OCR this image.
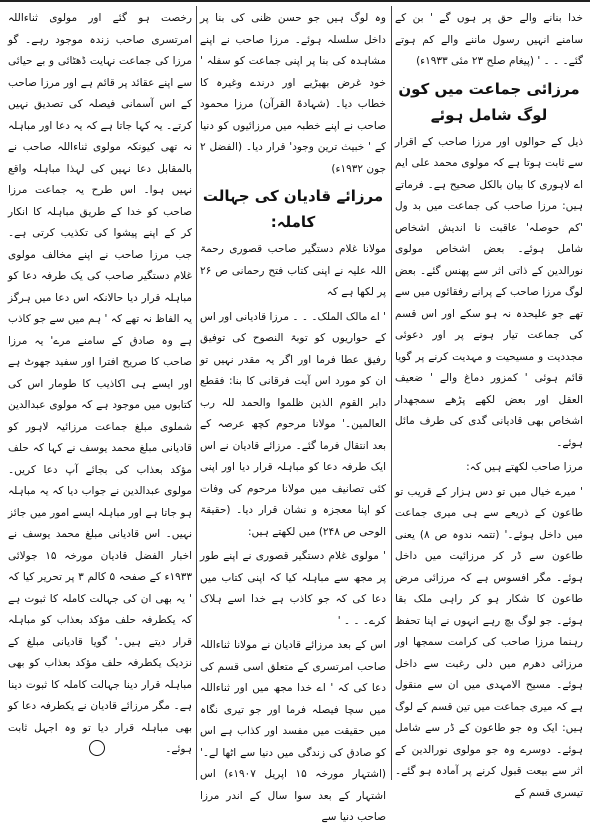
خدا بنانے والے حق پر ہوں گے ' بن کے سامنے انہیں رسول ماننے والے کم ہوتے گئے۔ ۔ ۔ ' (پیغام صلح ۲۳ مئی ۱۹۳۳ء)

مرزائی جماعت میں کون لوگ شامل ہوئے

ذیل کے حوالوں اور مرزا صاحب کے اقرار سے ثابت ہوتا ہے کہ مولوی محمد علی ایم اے لاہوری کا بیان بالکل صحیح ہے۔ فرماتے ہیں: مرزا صاحب کی جماعت میں بد ول 'کم حوصلہ' عاقبت نا اندیش اشخاص شامل ہوئے۔ بعض اشخاص مولوی نورالدین کے ذاتی اثر سے پھنس گئے۔ بعض لوگ مرزا صاحب کے پرانے رفقائوں میں سے تھے جو علیحدہ نہ ہو سکے اور اس قسم کی جماعت تیار ہونے پر اور دعوئی مجددیت و مسیحیت و مہدیت کرنے پر گویا قائم ہوئی ' کمزور دماغ والے ' ضعیف العقل اور بعض لکھے پڑھے سمجھدار اشخاص بھی قادیانی گدی کی طرف مائل ہوئے۔

مرزا صاحب لکھتے ہیں کہ:

' میرے خیال میں تو دس ہزار کے قریب تو طاعون کے ذریعے سے ہی میری جماعت میں داخل ہوئے۔' (تتمہ ندوہ ص ۸) یعنی طاعون سے ڈر کر مرزائیت میں داخل ہوئے۔ مگر افسوس ہے کہ مرزائی مرض طاعون کا شکار ہو کر راہی ملک بقا ہوئے۔ جو لوگ بچ رہے انہوں نے اپنا تحفظ رہنما مرزا صاحب کی کرامت سمجھا اور مرزائی دھرم میں دلی رغبت سے داخل ہوئے۔ مسیح الامہدی میں ان سے منقول ہے کہ میری جماعت میں تین قسم کے لوگ ہیں: ایک وہ جو طاعون کے ڈر سے شامل ہوئے۔ دوسرے وہ جو مولوی نورالدین کے اثر سے بیعت قبول کرنے پر آمادہ ہو گئے۔ تیسری قسم کے

وہ لوگ ہیں جو حسن ظنی کی بنا پر داخل سلسلہ ہوئے۔ مرزا صاحب نے اپنے مشاہدہ کی بنا پر اپنی جماعت کو سفلہ ' خود غرض بھیڑیے اور درندے وغیرہ کا خطاب دیا۔ (شہادۃ القرآن) مرزا محمود صاحب نے اپنے خطبہ میں مرزائیوں کو دنیا کے ' خبیث ترین وجود' قرار دیا۔ (الفضل ۲ جون ۱۹۳۲ء)

مرزائے قادیان کی جہالت کاملہ:

مولانا غلام دستگیر صاحب قصوری رحمۃ اللہ علیہ نے اپنی کتاب فتح رحمانی ص ۲۶ پر لکھا ہے کہ

' اے مالک الملک۔ ۔ ۔ مرزا قادیانی اور اس کے حواریوں کو توبۃ النصوح کی توفیق رفیق عطا فرما اور اگر یہ مقدر نہیں تو ان کو مورد اس آیت فرقانی کا بنا: فقطع دابر القوم الذین ظلموا والحمد للہ رب العالمین۔' مولانا مرحوم کچھ عرصہ کے بعد انتقال فرما گئے۔ مرزائے قادیان نے اس ایک طرفہ دعا کو مباہلہ قرار دیا اور اپنی کئی تصانیف میں مولانا مرحوم کی وفات کو اپنا معجزہ و نشان قرار دیا۔ (حقیقۃ الوحی ص ۲۴۸) میں لکھتے ہیں:

' مولوی غلام دستگیر قصوری نے اپنے طور پر مجھ سے مباہلہ کیا کہ اپنی کتاب میں دعا کی کہ جو کاذب ہے خدا اسے ہلاک کرے۔ ۔ ۔ '

اس کے بعد مرزائے قادیان نے مولانا ثناءاللہ صاحب امرتسری کے متعلق اسی قسم کی دعا کی کہ ' اے خدا مجھ میں اور ثناءاللہ میں سچا فیصلہ فرما اور جو تیری نگاہ میں حقیقت میں مفسد اور کذاب ہے اس کو صادق کی زندگی میں دنیا سے اٹھا لے۔' (اشتہار مورخہ ۱۵ اپریل ۱۹۰۷ء) اس اشتہار کے بعد سوا سال کے اندر مرزا صاحب دنیا سے

رخصت ہو گئے اور مولوی ثناءاللہ امرتسری صاحب زندہ موجود رہے۔ گو مرزا کی جماعت نہایت ڈھٹائی و بے حیائی سے اپنے عقائد پر قائم ہے اور مرزا صاحب کے اس آسمانی فیصلہ کی تصدیق نہیں کرتے۔ یہ کہا جاتا ہے کہ یہ دعا اور مباہلہ نہ تھی کیونکہ مولوی ثناءاللہ صاحب نے بالمقابل دعا نہیں کی لہذا مباہلہ واقع نہیں ہوا۔ اس طرح یہ جماعت مرزا صاحب کو خدا کے طریق مباہلہ کا انکار کر کے اپنے پیشوا کی تکذیب کرتی ہے۔ جب مرزا صاحب نے اپنے مخالف مولوی غلام دستگیر صاحب کی یک طرفہ دعا کو مباہلہ قرار دیا حالانکہ اس دعا میں ہرگز یہ الفاظ نہ تھے کہ ' ہم میں سے جو کاذب ہے وہ صادق کے سامنے مرے' یہ مرزا صاحب کا صریح افترا اور سفید جھوٹ ہے اور ایسے ہی اکاذیب کا طومار اس کی کتابوں میں موجود ہے کہ مولوی عبدالدین شملوی مبلغ جماعت مرزائیہ لاہور کو قادیانی مبلغ محمد یوسف نے کہا کہ حلف مؤکد بعذاب کی بجائے آپ دعا کریں۔ مولوی عبدالدین نے جواب دیا کہ یہ مباہلہ ہو جاتا ہے اور مباہلہ ایسے امور میں جائز نہیں۔ اس قادیانی مبلغ محمد یوسف نے اخبار الفضل قادیان مورخہ ۱۵ جولائی ۱۹۳۳ء کے صفحہ ۵ کالم ۳ پر تحریر کیا کہ ' یہ بھی ان کی جہالت کاملہ کا ثبوت ہے کہ یکطرفہ حلف مؤکد بعذاب کو مباہلہ قرار دیتے ہیں۔' گویا قادیانی مبلغ کے نزدیک یکطرفہ حلف مؤکد بعذاب کو بھی مباہلہ قرار دینا جہالت کاملہ کا ثبوت دینا ہے۔ مگر مرزائے قادیان نے یکطرفہ دعا کو بھی مباہلہ قرار دیا تو وہ اجہل ثابت ہوئے۔
